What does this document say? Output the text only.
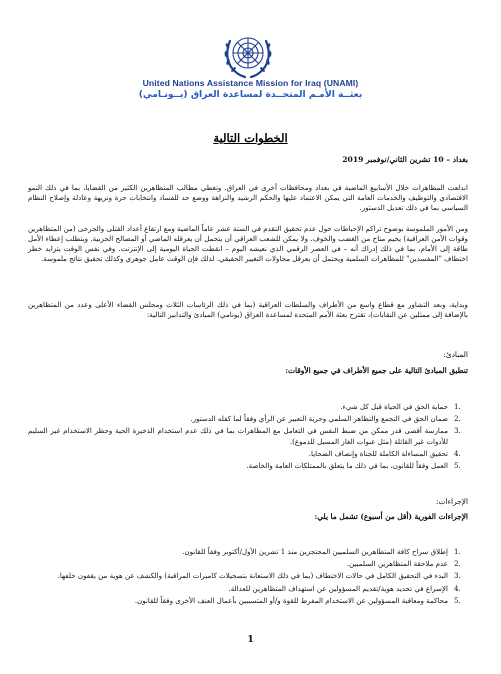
United Nations Assistance Mission for Iraq (UNAMI)
بعثــة الأمـم المتحــدة لمساعدة العراق (يــونـامي)
الخطوات التالية
بغداد – 10 تشرين الثاني/نوفمبر 2019

اندلعت المظاهرات خلال الأسابيع الماضية في بغداد ومحافظات أخرى في العراق. وتغطي مطالب المتظاهرين الكثير من القضايا، بما في ذلك النمو الاقتصادي والتوظيف والخدمات العامة التي يمكن الاعتماد عليها والحكم الرشيد والنزاهة ووضع حد للفساد وانتخابات حرة ونزيهة وعادلة وإصلاح النظام السياسي بما في ذلك تعديل الدستور.

ومن الأمور الملموسة بوضوح تراكم الإحباطات حول عدم تحقيق التقدم في الستة عشر عاماً الماضية ومع ارتفاع أعداد القتلى والجرحى (من المتظاهرين وقوات الأمن العراقية) يخيم مناخ من الغضب والخوف. ولا يمكن للشعب العراقي أن يتحمل أن يعرقله الماضي أو المصالح الحزبية. ويتطلب إعطاء الأمل طاقة إلى الأمام، بما في ذلك إدراك أنه – في العصر الرقمي الذي نعيشه اليوم – انقطت الحياة اليومية إلى الإنترنت. وفي نفس الوقت يتزايد خطر اختطاف "المفسدين" للمظاهرات السلمية ويحتمل أن يعرقل محاولات التغيير الحقيقي. لذلك فإن الوقت عامل جوهري وكذلك تحقيق نتائج ملموسة.

وبداية، وبعد التشاور مع قطاع واسع من الأطراف والسلطات العراقية (بما في ذلك الرئاسات الثلاث ومجلس القضاء الأعلى وعدد من المتظاهرين بالإضافة إلى ممثلين عن النقابات)، تقترح بعثة الأمم المتحدة لمساعدة العراق (يونامي) المبادئ والتدابير التالية:

المبادئ:
تنطبق المبادئ التالية على جميع الأطراف في جميع الأوقات:
1.
حماية الحق في الحياة قبل كل شيء.
2.
ضمان الحق في التجمع والتظاهر السلمي وحرية التعبير عن الرأي وفقاً لما كفله الدستور.
3.
ممارسة أقصى قدر ممكن من ضبط النفس في التعامل مع المظاهرات بما في ذلك عدم استخدام الذخيرة الحية وحظر الاستخدام غير السليم للأدوات غير القاتلة (مثل عبوات الغاز المسيل للدموع).
4.
تحقيق المساءلة الكاملة للجناة وإنصاف الضحايا.
5.
العمل وفقاً للقانون، بما في ذلك ما يتعلق بالممتلكات العامة والخاصة.
الإجراءات:
الإجراءات الفورية (أقل من أسبوع) تشمل ما يلي:
1.
إطلاق سراح كافة المتظاهرين السلميين المحتجزين منذ 1 تشرين الأول/أكتوبر وفقاً للقانون.
2.
عدم ملاحقة المتظاهرين السلميين.
3.
البدء في التحقيق الكامل في حالات الاختطاف (بما في ذلك الاستعانة بتسجيلات كاميرات المراقبة) والكشف عن هوية من يقفون خلفها.
4.
الإسراع في تحديد هوية/تقديم المسؤولين عن استهداف المتظاهرين للعدالة.
5.
محاكمة ومعاقبة المسؤولين عن الاستخدام المفرط للقوة و/أو المتسببين بأعمال العنف الأخرى وفقاً للقانون.
1
